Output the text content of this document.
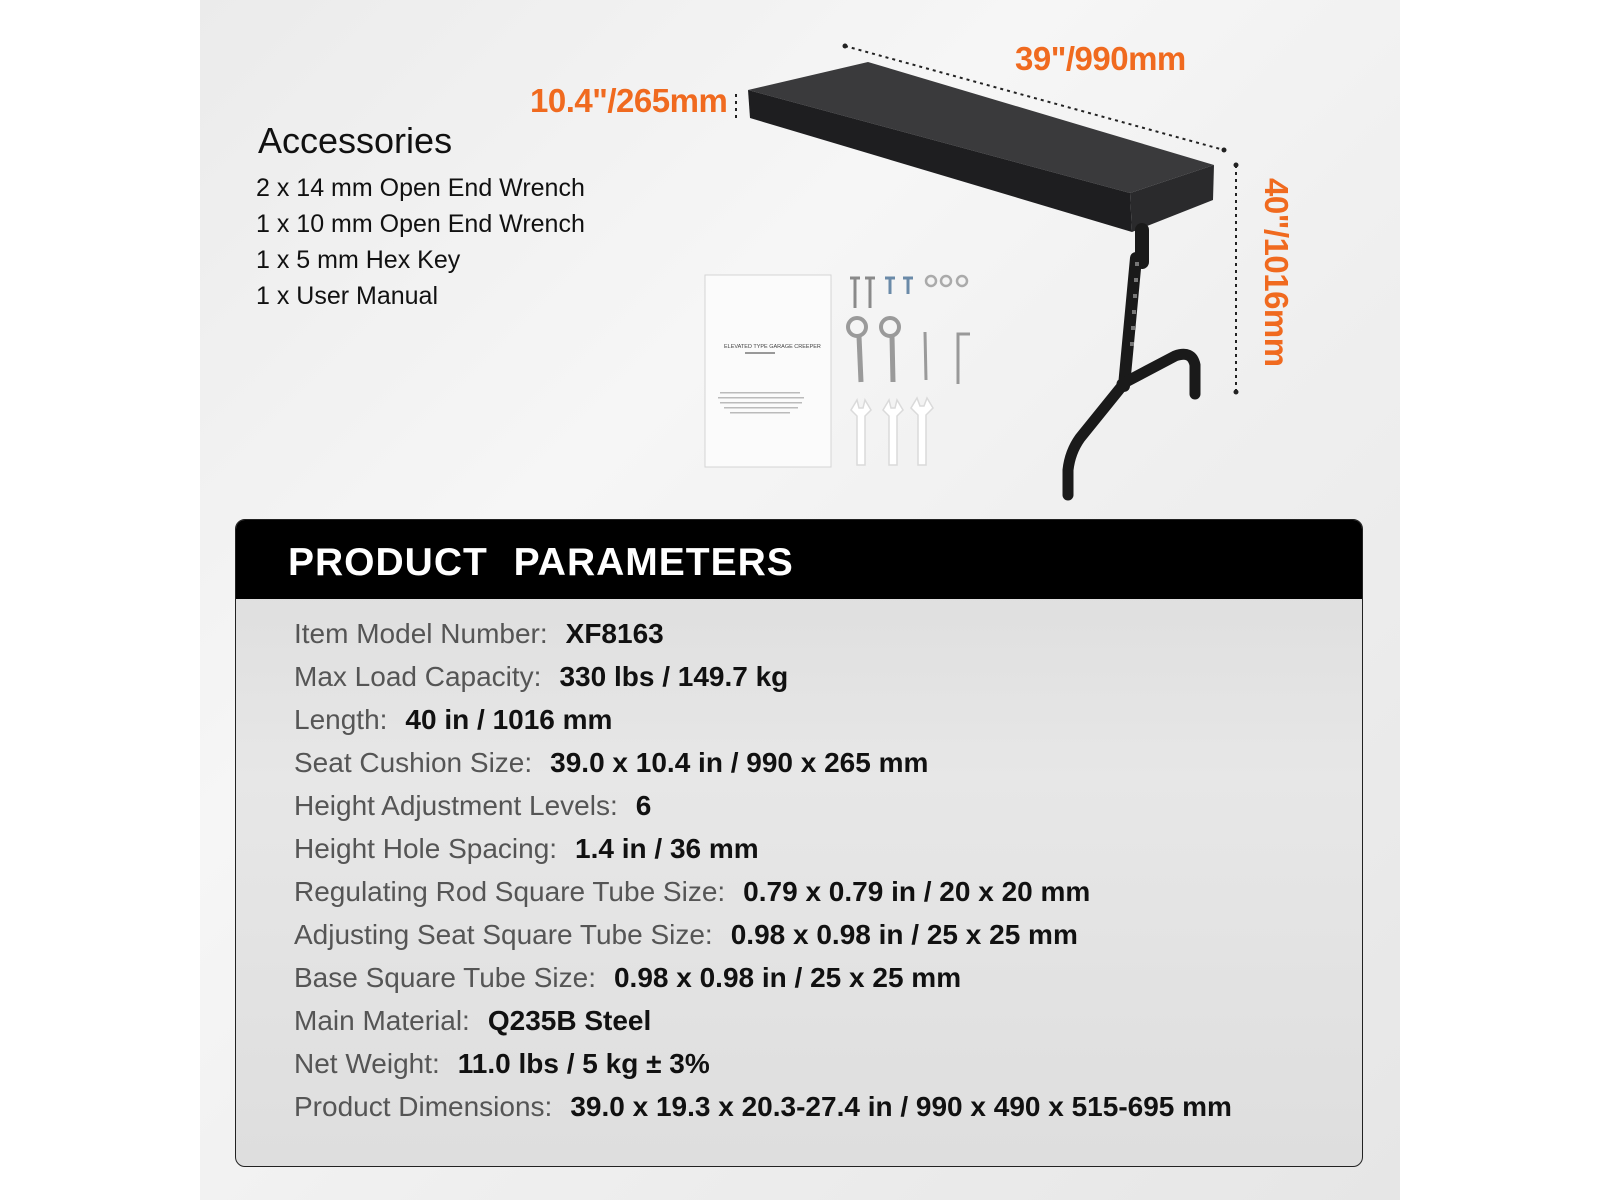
ELEVATED TYPE GARAGE CREEPER
10.4"/265mm
39"/990mm
40"/1016mm
Accessories
2 x 14 mm Open End Wrench
1 x 10 mm Open End Wrench
1 x 5 mm Hex Key
1 x User Manual
PRODUCT PARAMETERS
Item Model Number: XF8163
Max Load Capacity: 330 lbs / 149.7 kg
Length: 40 in / 1016 mm
Seat Cushion Size: 39.0 x 10.4 in / 990 x 265 mm
Height Adjustment Levels: 6
Height Hole Spacing: 1.4 in / 36 mm
Regulating Rod Square Tube Size: 0.79 x 0.79 in / 20 x 20 mm
Adjusting Seat Square Tube Size: 0.98 x 0.98 in / 25 x 25 mm
Base Square Tube Size: 0.98 x 0.98 in / 25 x 25 mm
Main Material: Q235B Steel
Net Weight: 11.0 lbs / 5 kg ± 3%
Product Dimensions: 39.0 x 19.3 x 20.3-27.4 in / 990 x 490 x 515-695 mm
